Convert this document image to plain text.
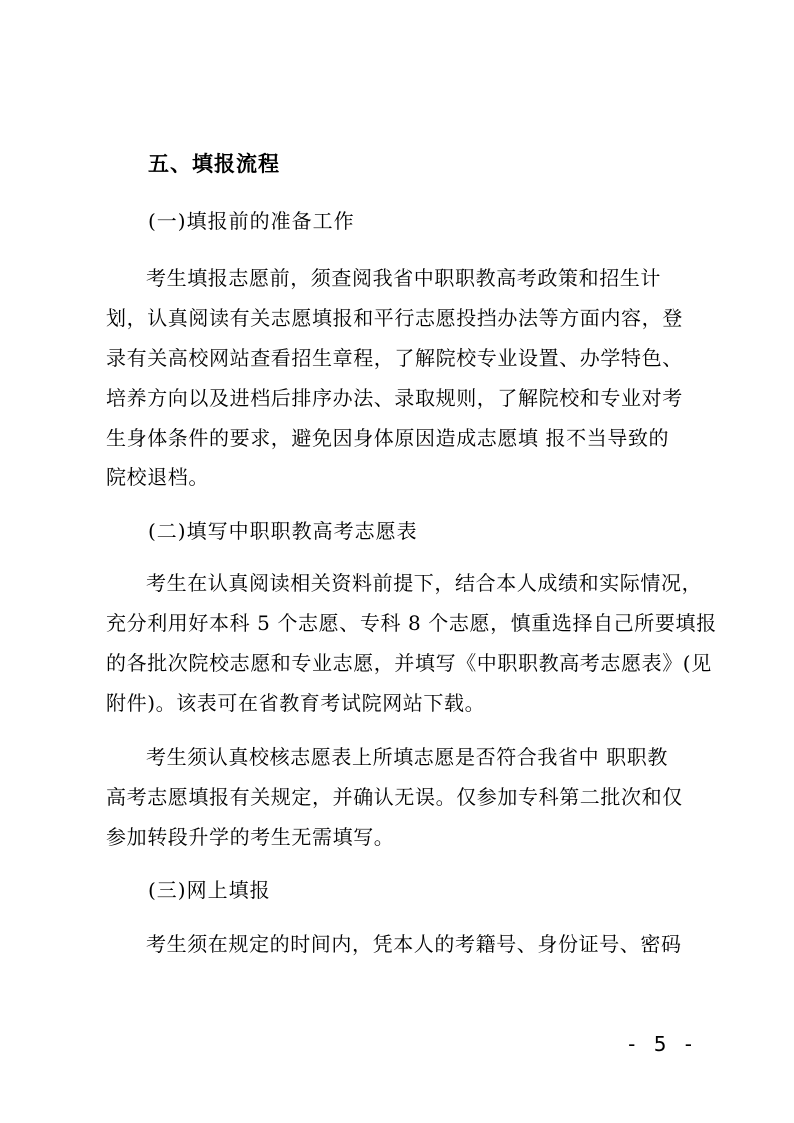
五、填报流程
(一)填报前的准备工作
考生填报志愿前，须查阅我省中职职教高考政策和招生计
划，认真阅读有关志愿填报和平行志愿投挡办法等方面内容，登
录有关高校网站查看招生章程，了解院校专业设置、办学特色、
培养方向以及进档后排序办法、录取规则，了解院校和专业对考
生身体条件的要求，避免因身体原因造成志愿填 报不当导致的
院校退档。
(二)填写中职职教高考志愿表
考生在认真阅读相关资料前提下，结合本人成绩和实际情况，
充分利用好本科 5 个志愿、专科 8 个志愿，慎重选择自己所要填报
的各批次院校志愿和专业志愿，并填写《中职职教高考志愿表》(见
附件)。该表可在省教育考试院网站下载。
考生须认真校核志愿表上所填志愿是否符合我省中 职职教
高考志愿填报有关规定，并确认无误。仅参加专科第二批次和仅
参加转段升学的考生无需填写。
(三)网上填报
考生须在规定的时间内，凭本人的考籍号、身份证号、密码
- 5 -
